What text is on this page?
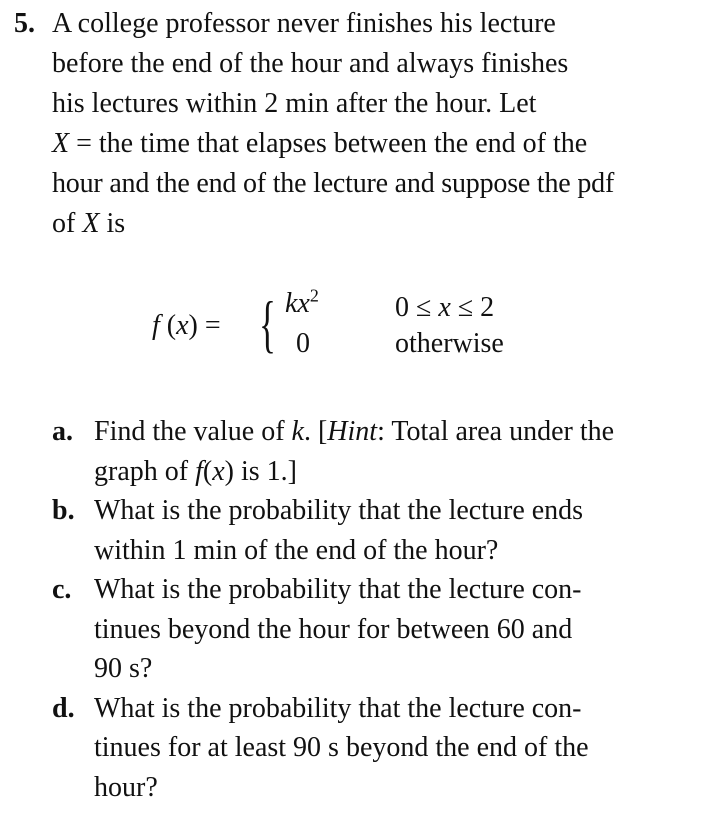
5. A college professor never finishes his lecture
before the end of the hour and always finishes
his lectures within 2 min after the hour. Let
X = the time that elapses between the end of the
hour and the end of the lecture and suppose the pdf
of X is
f (x) = { $kx^2$
0
0 ≤ x ≤ 2
otherwise
a. Find the value of k. [Hint: Total area under the
graph of f(x) is 1.]
b. What is the probability that the lecture ends
within 1 min of the end of the hour?
c. What is the probability that the lecture con-
tinues beyond the hour for between 60 and
90 s?
d. What is the probability that the lecture con-
tinues for at least 90 s beyond the end of the
hour?
